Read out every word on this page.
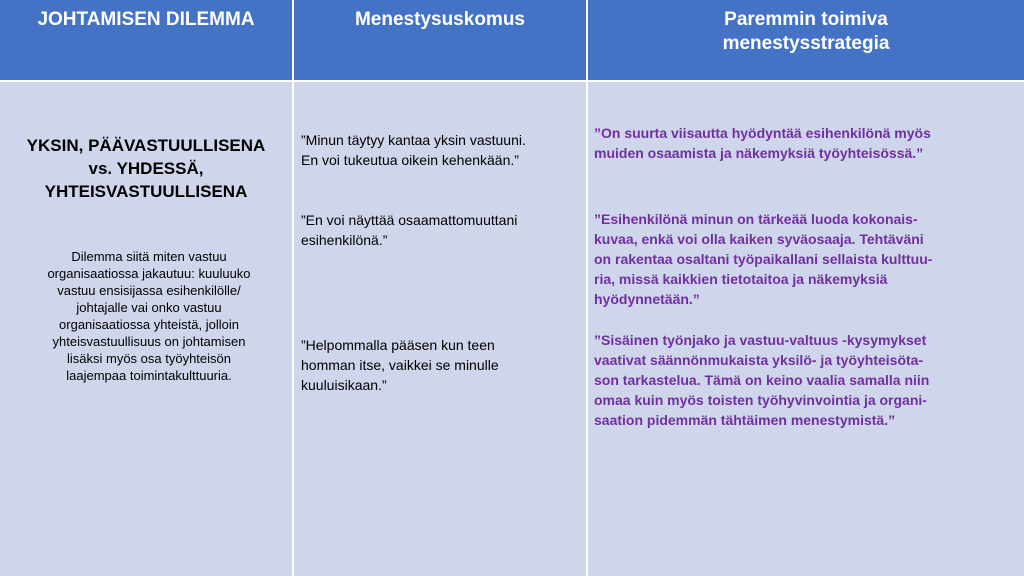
JOHTAMISEN DILEMMA	Menestysuskomus	Paremmin toimiva
menestysstrategia
YKSIN, PÄÄVASTUULLISENA
vs. YHDESSÄ,
YHTEISVASTUULLISENA
Dilemma siitä miten vastuu
organisaatiossa jakautuu: kuuluuko
vastuu ensisijassa esihenkilölle/
johtajalle vai onko vastuu
organisaatiossa yhteistä, jolloin
yhteisvastuullisuus on johtamisen
lisäksi myös osa työyhteisön
laajempaa toimintakulttuuria.
”Minun täytyy kantaa yksin vastuuni.
En voi tukeutua oikein kehenkään.”
”En voi näyttää osaamattomuuttani
esihenkilönä.”
”Helpommalla pääsen kun teen
homman itse, vaikkei se minulle
kuuluisikaan.”
”On suurta viisautta hyödyntää esihenkilönä myös
muiden osaamista ja näkemyksiä työyhteisössä.”
”Esihenkilönä minun on tärkeää luoda kokonais-
kuvaa, enkä voi olla kaiken syväosaaja. Tehtäväni
on rakentaa osaltani työpaikallani sellaista kulttuu-
ria, missä kaikkien tietotaitoa ja näkemyksiä
hyödynnetään.”
”Sisäinen työnjako ja vastuu-valtuus -kysymykset
vaativat säännönmukaista yksilö- ja työyhteisöta-
son tarkastelua. Tämä on keino vaalia samalla niin
omaa kuin myös toisten työhyvinvointia ja organi-
saation pidemmän tähtäimen menestymistä.”
